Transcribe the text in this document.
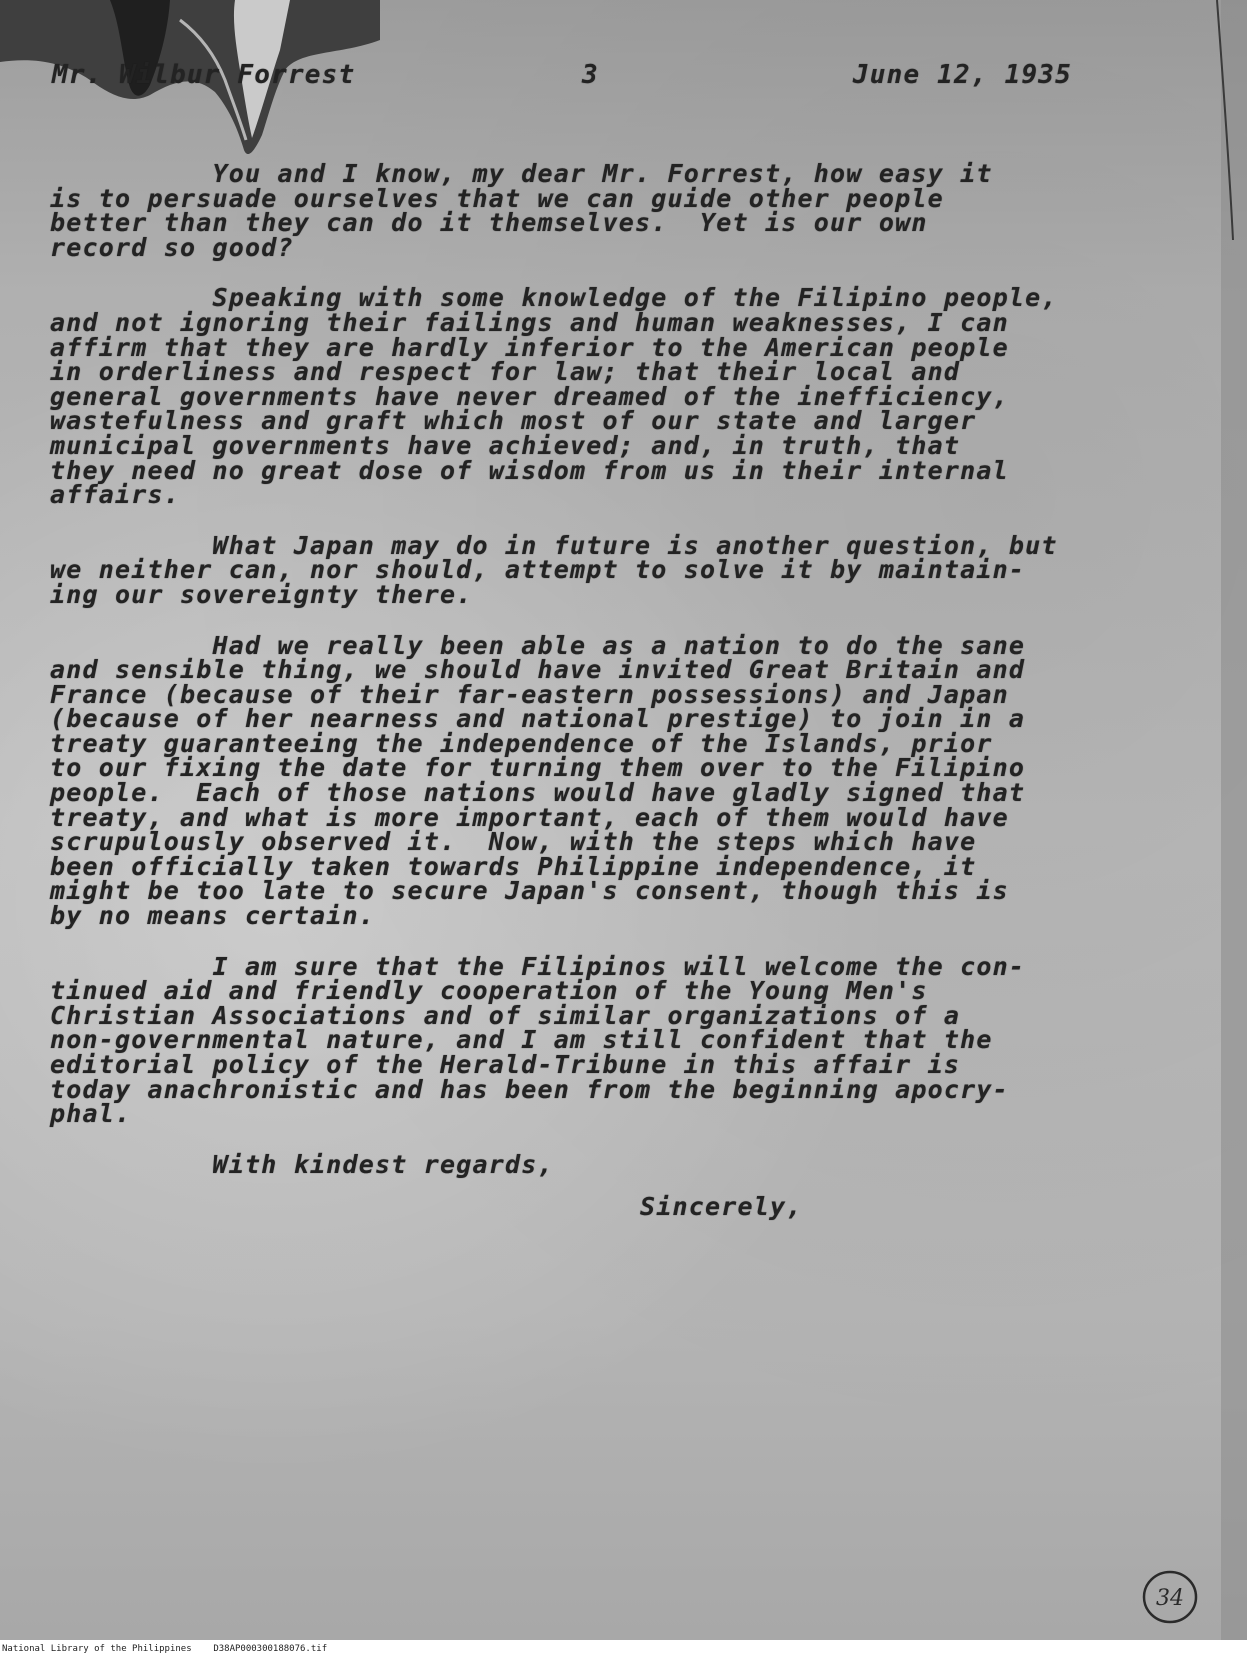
Mr. Wilbur Forrest	3	June 12, 1935
You and I know, my dear Mr. Forrest, how easy it
is to persuade ourselves that we can guide other people
better than they can do it themselves.  Yet is our own
record so good?
Speaking with some knowledge of the Filipino people,
and not ignoring their failings and human weaknesses, I can
affirm that they are hardly inferior to the American people
in orderliness and respect for law; that their local and
general governments have never dreamed of the inefficiency,
wastefulness and graft which most of our state and larger
municipal governments have achieved; and, in truth, that
they need no great dose of wisdom from us in their internal
affairs.
What Japan may do in future is another question, but
we neither can, nor should, attempt to solve it by maintain-
ing our sovereignty there.
Had we really been able as a nation to do the sane
and sensible thing, we should have invited Great Britain and
France (because of their far-eastern possessions) and Japan
(because of her nearness and national prestige) to join in a
treaty guaranteeing the independence of the Islands, prior
to our fixing the date for turning them over to the Filipino
people.  Each of those nations would have gladly signed that
treaty, and what is more important, each of them would have
scrupulously observed it.  Now, with the steps which have
been officially taken towards Philippine independence, it
might be too late to secure Japan's consent, though this is
by no means certain.
I am sure that the Filipinos will welcome the con-
tinued aid and friendly cooperation of the Young Men's
Christian Associations and of similar organizations of a
non-governmental nature, and I am still confident that the
editorial policy of the Herald-Tribune in this affair is
today anachronistic and has been from the beginning apocry-
phal.
With kindest regards,
Sincerely,
34
National Library of the Philippines    D38AP000300188076.tif
